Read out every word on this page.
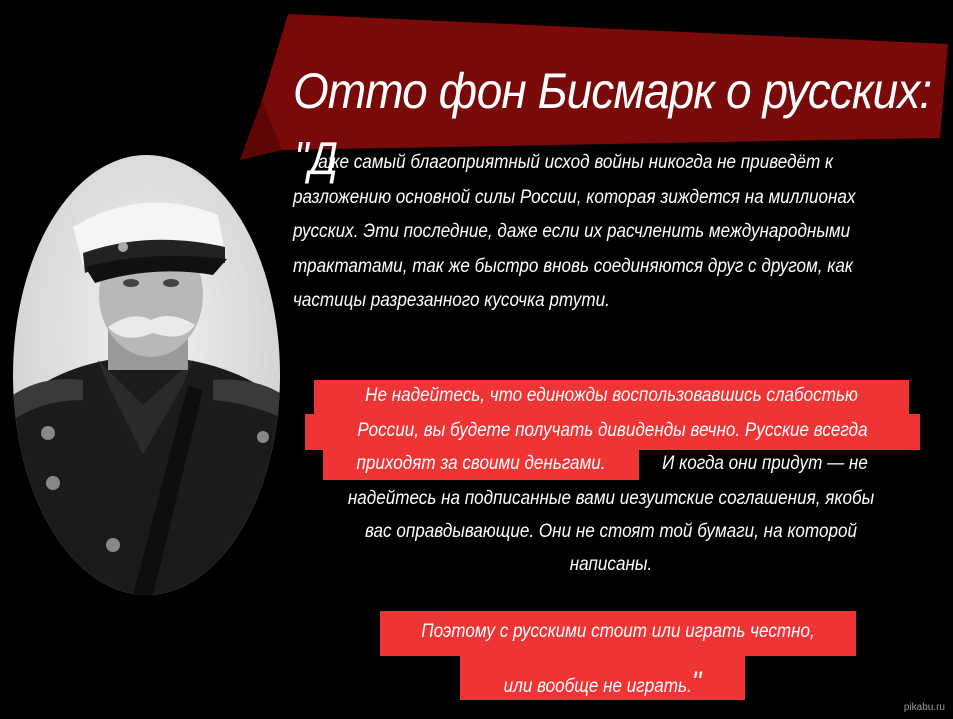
Отто фон Бисмарк о русских:
"Д
аже самый благоприятный исход войны никогда не приведёт к разложению основной силы России, которая зиждется на миллионах русских. Эти последние, даже если их расчленить международными трактатами, так же быстро вновь соединяются друг с другом, как частицы разрезанного кусочка ртути.
Не надейтесь, что единожды воспользовавшись слабостью
России, вы будете получать дивиденды вечно. Русские всегда
приходят за своими деньгами.	И когда они придут — не
надейтесь на подписанные вами иезуитские соглашения, якобы
вас оправдывающие. Они не стоят той бумаги, на которой
написаны.
Поэтому с русскими стоит или играть честно,
или вообще не играть."
pikabu.ru
